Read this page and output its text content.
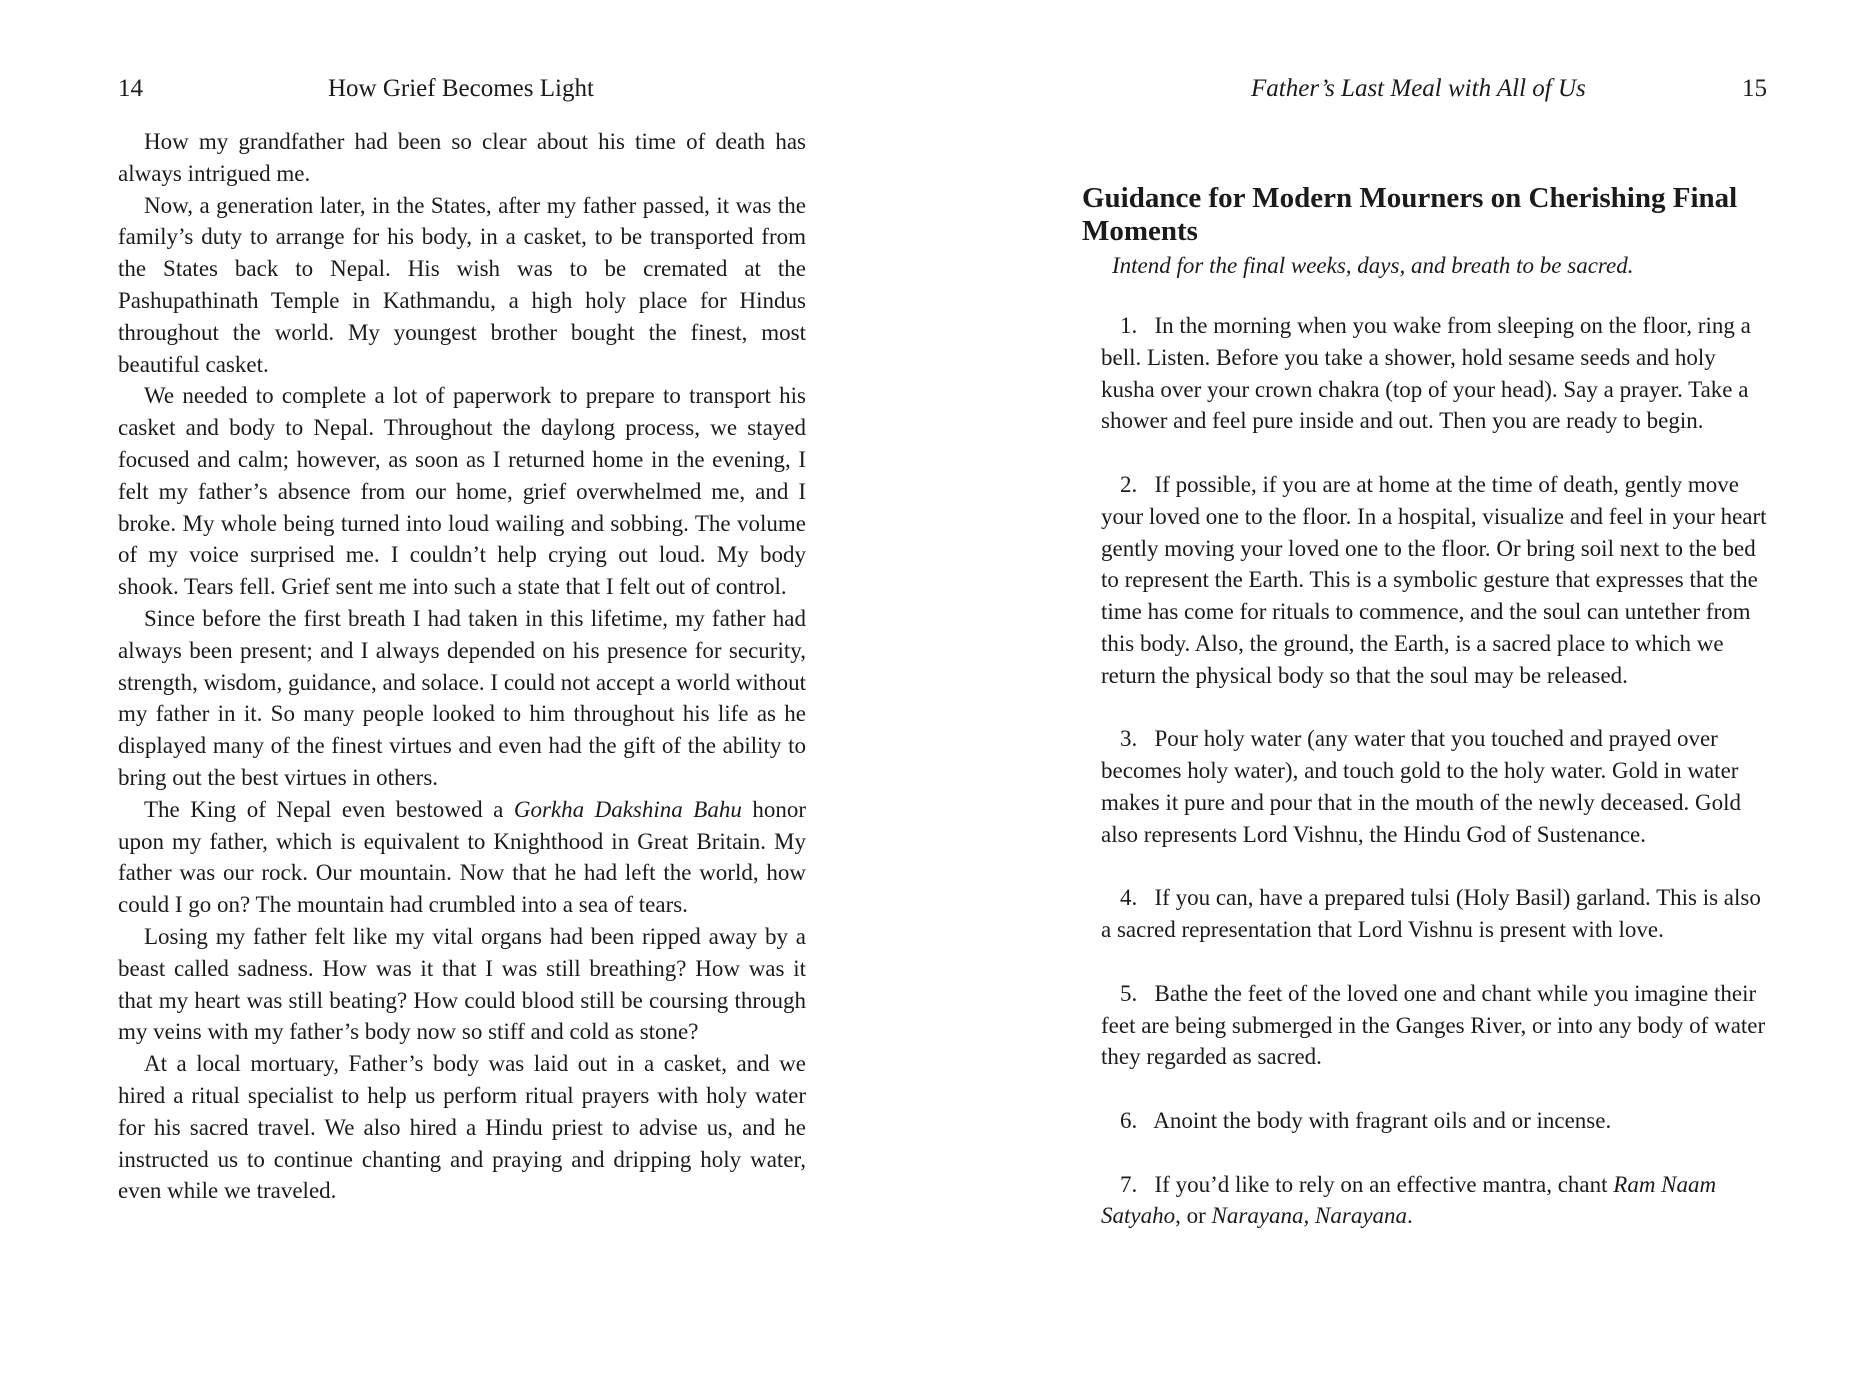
14	How Grief Becomes Light

How my grandfather had been so clear about his time of death has always intrigued me.

Now, a generation later, in the States, after my father passed, it was the family’s duty to arrange for his body, in a casket, to be transported from the States back to Nepal. His wish was to be cremated at the Pashupathinath Temple in Kathmandu, a high holy place for Hindus throughout the world. My youngest brother bought the finest, most beautiful casket.

We needed to complete a lot of paperwork to prepare to transport his casket and body to Nepal. Throughout the daylong process, we stayed focused and calm; however, as soon as I returned home in the evening, I felt my father’s absence from our home, grief overwhelmed me, and I broke. My whole being turned into loud wailing and sobbing. The volume of my voice surprised me. I couldn’t help crying out loud. My body shook. Tears fell. Grief sent me into such a state that I felt out of control.

Since before the first breath I had taken in this lifetime, my father had always been present; and I always depended on his presence for security, strength, wisdom, guidance, and solace. I could not accept a world without my father in it. So many people looked to him throughout his life as he displayed many of the finest virtues and even had the gift of the ability to bring out the best virtues in others.

The King of Nepal even bestowed a Gorkha Dakshina Bahu honor upon my father, which is equivalent to Knighthood in Great Britain. My father was our rock. Our mountain. Now that he had left the world, how could I go on? The mountain had crumbled into a sea of tears.

Losing my father felt like my vital organs had been ripped away by a beast called sadness. How was it that I was still breathing? How was it that my heart was still beating? How could blood still be coursing through my veins with my father’s body now so stiff and cold as stone?

At a local mortuary, Father’s body was laid out in a casket, and we hired a ritual specialist to help us perform ritual prayers with holy water for his sacred travel. We also hired a Hindu priest to advise us, and he instructed us to continue chanting and praying and dripping holy water, even while we traveled.

Father’s Last Meal with All of Us	15
Guidance for Modern Mourners on Cherishing Final Moments

Intend for the final weeks, days, and breath to be sacred.

1. In the morning when you wake from sleeping on the floor, ring a bell. Listen. Before you take a shower, hold sesame seeds and holy kusha over your crown chakra (top of your head). Say a prayer. Take a shower and feel pure inside and out. Then you are ready to begin.
2. If possible, if you are at home at the time of death, gently move your loved one to the floor. In a hospital, visualize and feel in your heart gently moving your loved one to the floor. Or bring soil next to the bed to represent the Earth. This is a symbolic gesture that expresses that the time has come for rituals to commence, and the soul can untether from this body. Also, the ground, the Earth, is a sacred place to which we return the physical body so that the soul may be released.
3. Pour holy water (any water that you touched and prayed over becomes holy water), and touch gold to the holy water. Gold in water makes it pure and pour that in the mouth of the newly deceased. Gold also represents Lord Vishnu, the Hindu God of Sustenance.
4. If you can, have a prepared tulsi (Holy Basil) garland. This is also a sacred representation that Lord Vishnu is present with love.
5. Bathe the feet of the loved one and chant while you imagine their feet are being submerged in the Ganges River, or into any body of water they regarded as sacred.
6. Anoint the body with fragrant oils and or incense.
7. If you’d like to rely on an effective mantra, chant Ram Naam Satyaho, or Narayana, Narayana.
